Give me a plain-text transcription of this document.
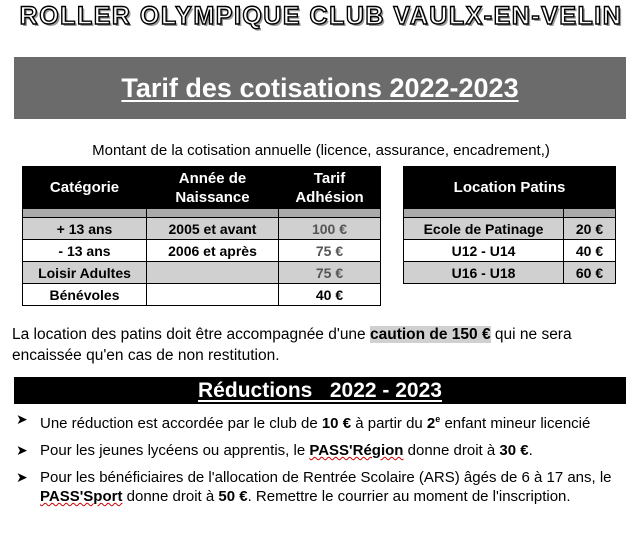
ROLLER OLYMPIQUE CLUB VAULX-EN-VELIN
Tarif des cotisations 2022-2023
Montant de la cotisation annuelle (licence, assurance, encadrement,)
Catégorie	Année de Naissance	Tarif Adhésion

+ 13 ans	2005 et avant	100 €
- 13 ans	2006 et après	75 €
Loisir Adultes		75 €
Bénévoles		40 €
Location Patins	

Ecole de Patinage	20 €
U12 - U14	40 €
U16 - U18	60 €
La location des patins doit être accompagnée d'une caution de 150 € qui ne sera encaissée qu'en cas de non restitution.
Réductions   2022 - 2023
➤ Une réduction est accordée par le club de 10 € à partir du 2e enfant mineur licencié
➤ Pour les jeunes lycéens ou apprentis, le PASS'Région donne droit à 30 €.
➤ Pour les bénéficiaires de l'allocation de Rentrée Scolaire (ARS) âgés de 6 à 17 ans, le PASS'Sport donne droit à 50 €. Remettre le courrier au moment de l'inscription.
